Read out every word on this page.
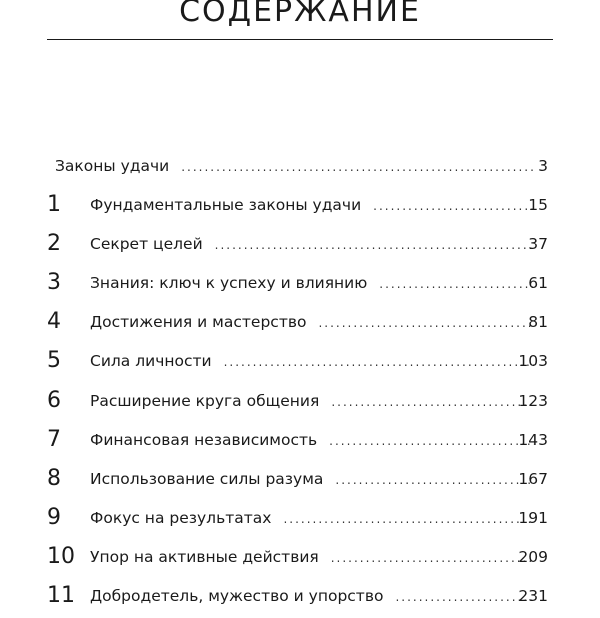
СОДЕРЖАНИЕ
Законы удачи .....	3
1	Фундаментальные законы удачи .....	15
2	Секрет целей .....	37
3	Знания: ключ к успеху и влиянию .....	61
4	Достижения и мастерство .....	81
5	Сила личности .....	103
6	Расширение круга общения .....	123
7	Финансовая независимость .....	143
8	Использование силы разума .....	167
9	Фокус на результатах .....	191
10 Упор на активные действия .....	209
11 Добродетель, мужество и упорство .....	231
